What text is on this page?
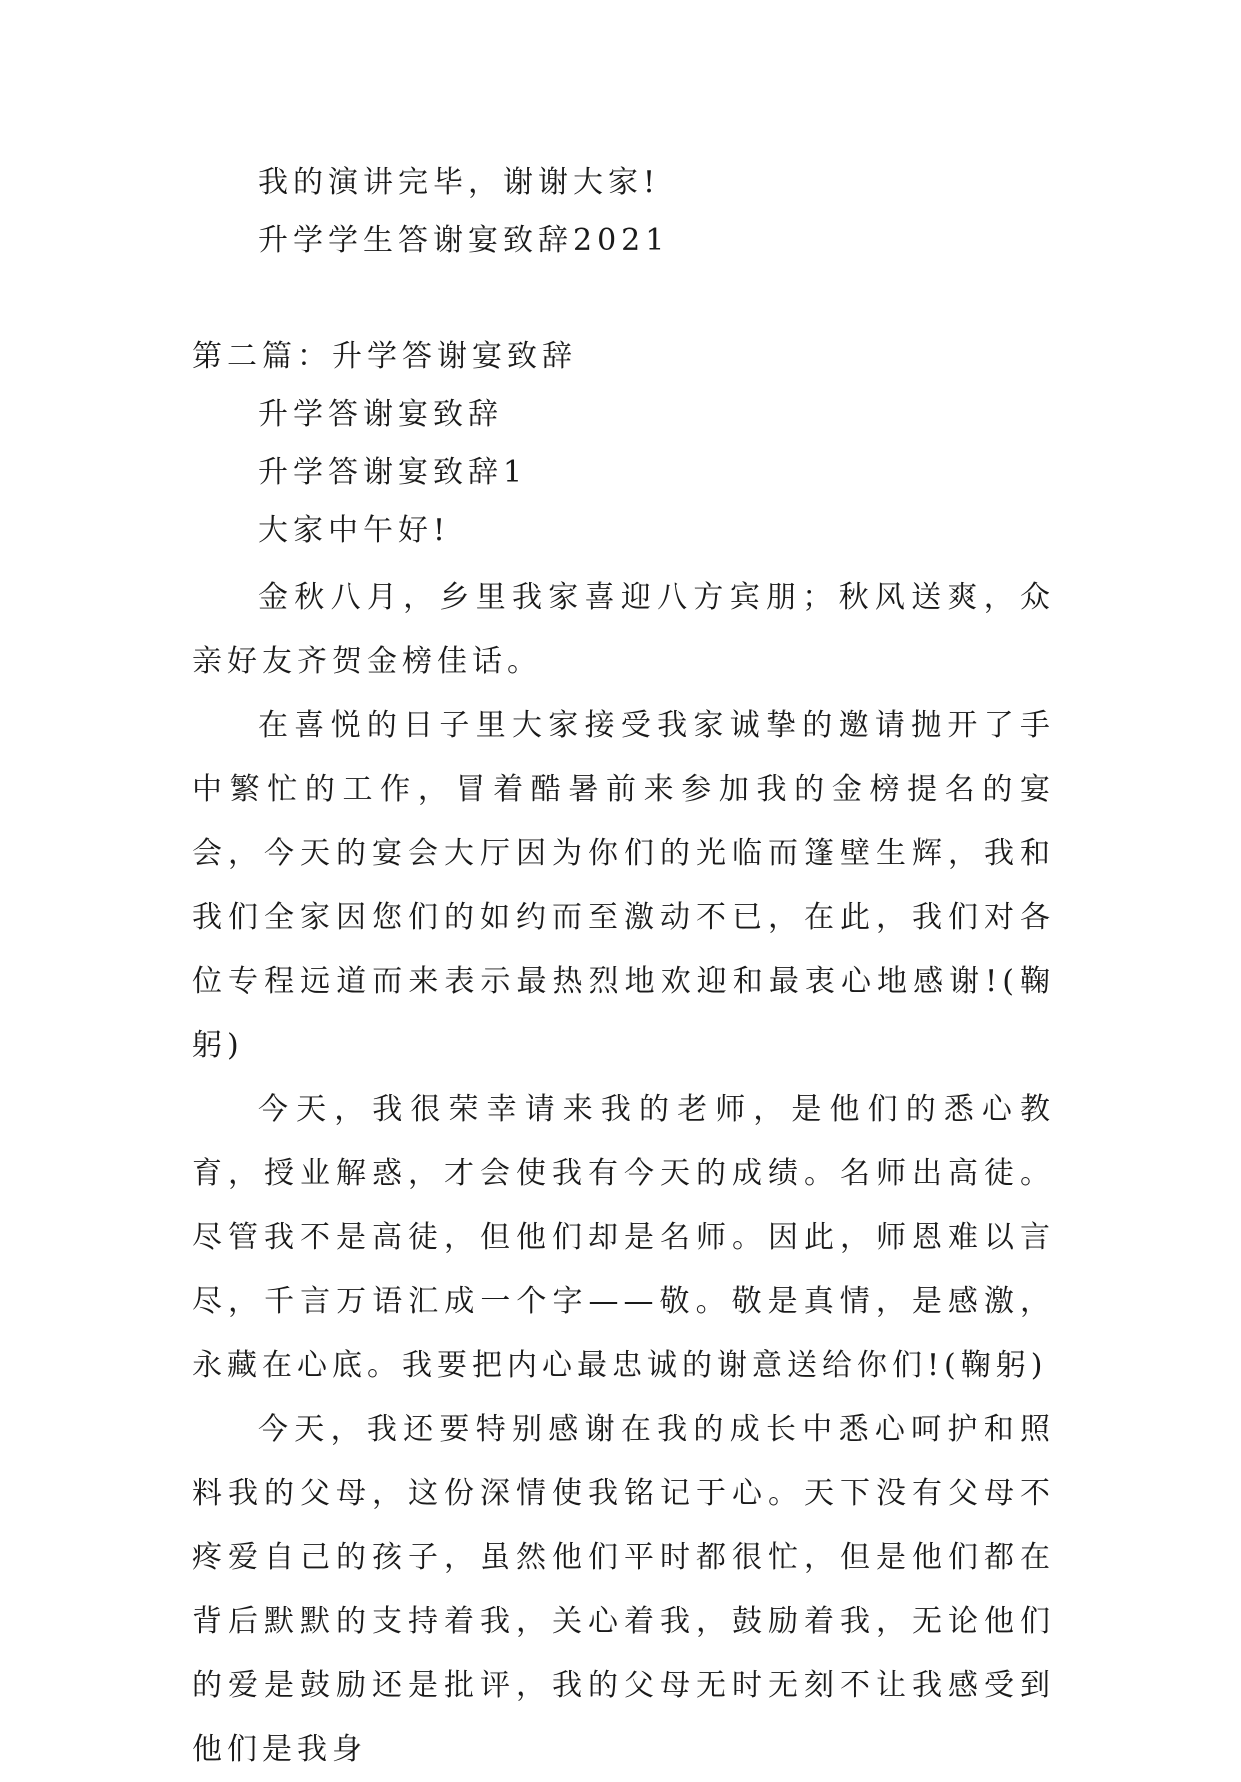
我的演讲完毕，谢谢大家!
升学学生答谢宴致辞2021
第二篇：升学答谢宴致辞
升学答谢宴致辞
升学答谢宴致辞1
大家中午好!

金秋八月，乡里我家喜迎八方宾朋；秋风送爽，众亲好友齐贺金榜佳话。

在喜悦的日子里大家接受我家诚挚的邀请抛开了手中繁忙的工作，冒着酷暑前来参加我的金榜提名的宴会，今天的宴会大厅因为你们的光临而篷壁生辉，我和我们全家因您们的如约而至激动不已，在此，我们对各位专程远道而来表示最热烈地欢迎和最衷心地感谢!(鞠躬)

今天，我很荣幸请来我的老师，是他们的悉心教育，授业解惑，才会使我有今天的成绩。名师出高徒。尽管我不是高徒，但他们却是名师。因此，师恩难以言尽，千言万语汇成一个字——敬。敬是真情，是感激，永藏在心底。我要把内心最忠诚的谢意送给你们!(鞠躬)

今天，我还要特别感谢在我的成长中悉心呵护和照料我的父母，这份深情使我铭记于心。天下没有父母不疼爱自己的孩子，虽然他们平时都很忙，但是他们都在背后默默的支持着我，关心着我，鼓励着我，无论他们的爱是鼓励还是批评，我的父母无时无刻不让我感受到他们是我身
